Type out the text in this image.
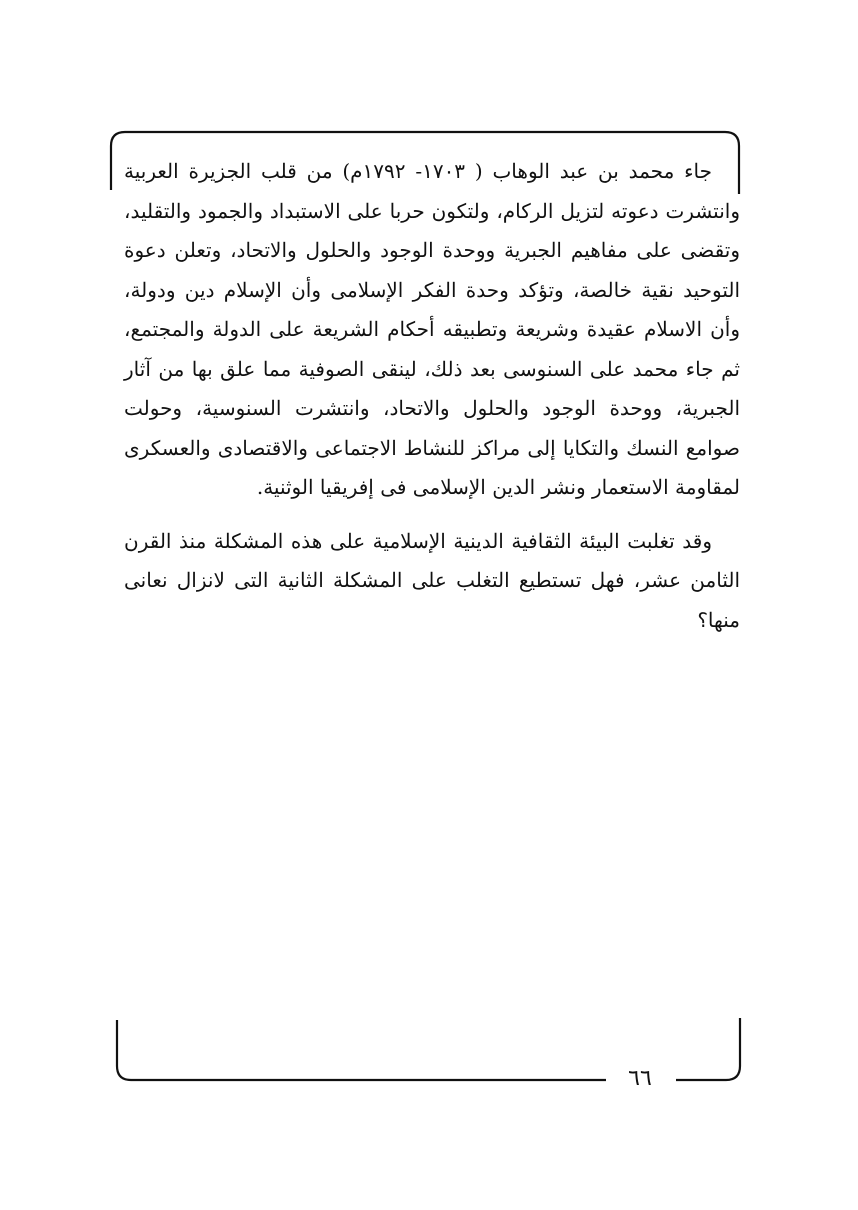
جاء محمد بن عبد الوهاب ( ١٧٠٣- ١٧٩٢م) من قلب الجزيرة العربية وانتشرت دعوته لتزيل الركام، ولتكون حربا على الاستبداد والجمود والتقليد، وتقضى على مفاهيم الجبرية ووحدة الوجود والحلول والاتحاد، وتعلن دعوة التوحيد نقية خالصة، وتؤكد وحدة الفكر الإسلامى وأن الإسلام دين ودولة، وأن الاسلام عقيدة وشريعة وتطبيقه أحكام الشريعة على الدولة والمجتمع، ثم جاء محمد على السنوسى بعد ذلك، لينقى الصوفية مما علق بها من آثار الجبرية، ووحدة الوجود والحلول والاتحاد، وانتشرت السنوسية، وحولت صوامع النسك والتكايا إلى مراكز للنشاط الاجتماعى والاقتصادى والعسكرى لمقاومة الاستعمار ونشر الدين الإسلامى فى إفريقيا الوثنية.

وقد تغلبت البيئة الثقافية الدينية الإسلامية على هذه المشكلة منذ القرن الثامن عشر، فهل تستطيع التغلب على المشكلة الثانية التى لانزال نعانى منها؟

٦٦
